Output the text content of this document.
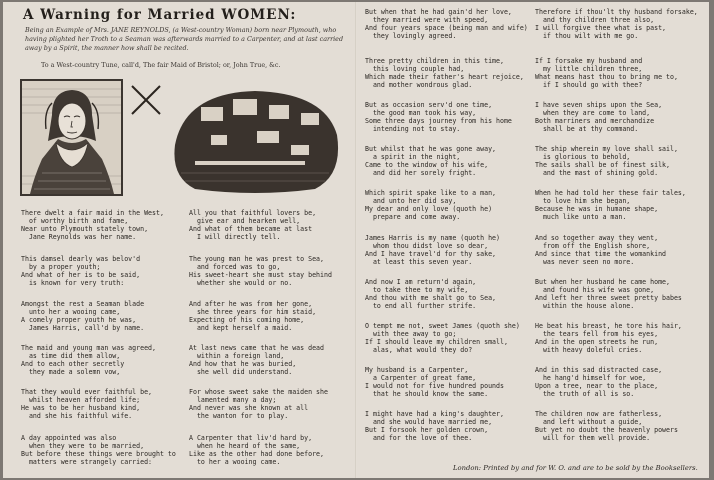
A Warning for Married WOMEN:
Being an Example of Mrs. JANE REYNOLDS, (a West-country Woman) born near Plymouth, who having plighted her Troth to a Seaman was afterwards married to a Carpenter, and at last carried away by a Spirit, the manner how shall be recited.
To a West-country Tune, call'd, The fair Maid of Bristol; or, John True, &c.
There dwelt a fair maid in the West,
of worthy birth and fame,
Near unto Plymouth stately town,
Jane Reynolds was her name.
This damsel dearly was belov'd
by a proper youth;
And what of her is to be said,
is known for very truth:
Amongst the rest a Seaman blade
unto her a wooing came,
A comely proper youth he was,
James Harris, call'd by name.
The maid and young man was agreed,
as time did them allow,
And to each other secretly
they made a solemn vow,
That they would ever faithful be,
whilst heaven afforded life;
He was to be her husband kind,
and she his faithful wife.
A day appointed was also
when they were to be married,
But before these things were brought to
matters were strangely carried:
All you that faithful lovers be,
give ear and hearken well,
And what of them became at last
I will directly tell.
The young man he was prest to Sea,
and forced was to go,
His sweet-heart she must stay behind
whether she would or no.
And after he was from her gone,
she three years for him staid,
Expecting of his coming home,
and kept herself a maid.
At last news came that he was dead
within a foreign land,
And how that he was buried,
she well did understand.
For whose sweet sake the maiden she
lamented many a day;
And never was she known at all
the wanton for to play.
A Carpenter that liv'd hard by,
when he heard of the same,
Like as the other had done before,
to her a wooing came.
But when that he had gain'd her love,
they married were with speed,
And four years space (being man and wife)
they lovingly agreed.
Three pretty children in this time,
this loving couple had,
Which made their father's heart rejoice,
and mother wondrous glad.
But as occasion serv'd one time,
the good man took his way,
Some three days journey from his home
intending not to stay.
But whilst that he was gone away,
a spirit in the night,
Came to the window of his wife,
and did her sorely fright.
Which spirit spake like to a man,
and unto her did say,
My dear and only love (quoth he)
prepare and come away.
James Harris is my name (quoth he)
whom thou didst love so dear,
And I have travel'd for thy sake,
at least this seven year.
And now I am return'd again,
to take thee to my wife,
And thou with me shalt go to Sea,
to end all further strife.
O tempt me not, sweet James (quoth she)
with thee away to go;
If I should leave my children small,
alas, what would they do?
My husband is a Carpenter,
a Carpenter of great fame,
I would not for five hundred pounds
that he should know the same.
I might have had a king's daughter,
and she would have married me,
But I forsook her golden crown,
and for the love of thee.
Therefore if thou'lt thy husband forsake,
and thy children three also,
I will forgive thee what is past,
if thou wilt with me go.
If I forsake my husband and
my little children three,
What means hast thou to bring me to,
if I should go with thee?
I have seven ships upon the Sea,
when they are come to land,
Both marriners and merchandize
shall be at thy command.
The ship wherein my love shall sail,
is glorious to behold,
The sails shall be of finest silk,
and the mast of shining gold.
When he had told her these fair tales,
to love him she began,
Because he was in humane shape,
much like unto a man.
And so together away they went,
from off the English shore,
And since that time the womankind
was never seen no more.
But when her husband he came home,
and found his wife was gone,
And left her three sweet pretty babes
within the house alone.
He beat his breast, he tore his hair,
the tears fell from his eyes,
And in the open streets he run,
with heavy doleful cries.
And in this sad distracted case,
he hang'd himself for woe,
Upon a tree, near to the place,
the truth of all is so.
The children now are fatherless,
and left without a guide,
But yet no doubt the heavenly powers
will for them well provide.
London: Printed by and for W. O. and are to be sold by the Booksellers.
